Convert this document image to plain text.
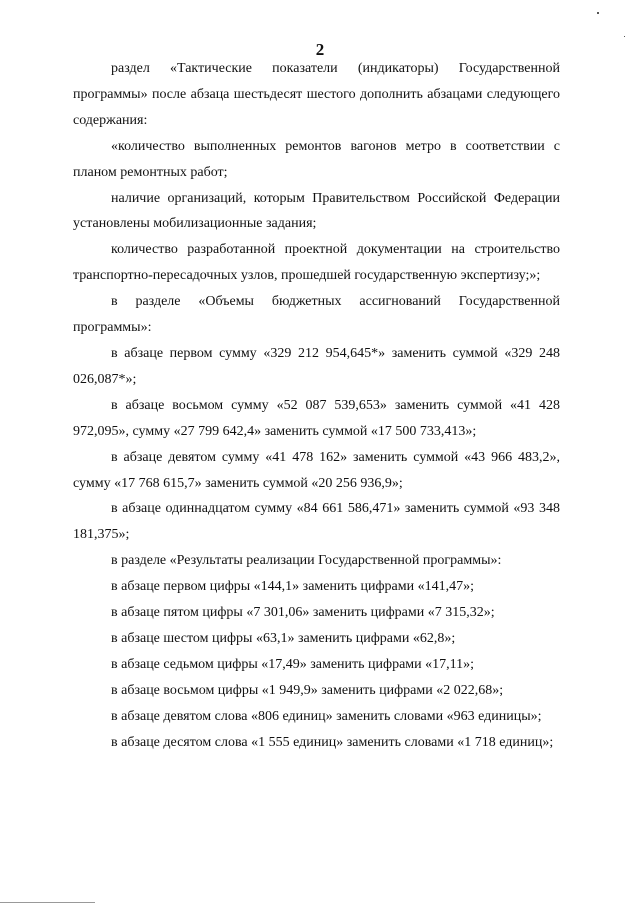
2

раздел «Тактические показатели (индикаторы) Государственной программы» после абзаца шестьдесят шестого дополнить абзацами следующего содержания:

«количество выполненных ремонтов вагонов метро в соответствии с планом ремонтных работ;

наличие организаций, которым Правительством Российской Федерации установлены мобилизационные задания;

количество разработанной проектной документации на строительство транспортно-пересадочных узлов, прошедшей государственную экспертизу;»;

в разделе «Объемы бюджетных ассигнований Государственной программы»:

в абзаце первом сумму «329 212 954,645*» заменить суммой «329 248 026,087*»;

в абзаце восьмом сумму «52 087 539,653» заменить суммой «41 428 972,095», сумму «27 799 642,4» заменить суммой «17 500 733,413»;

в абзаце девятом сумму «41 478 162» заменить суммой «43 966 483,2», сумму «17 768 615,7» заменить суммой «20 256 936,9»;

в абзаце одиннадцатом сумму «84 661 586,471» заменить суммой «93 348 181,375»;

в разделе «Результаты реализации Государственной программы»:

в абзаце первом цифры «144,1» заменить цифрами «141,47»;

в абзаце пятом цифры «7 301,06» заменить цифрами «7 315,32»;

в абзаце шестом цифры «63,1» заменить цифрами «62,8»;

в абзаце седьмом цифры «17,49» заменить цифрами «17,11»;

в абзаце восьмом цифры «1 949,9» заменить цифрами «2 022,68»;

в абзаце девятом слова «806 единиц» заменить словами «963 единицы»;

в абзаце десятом слова «1 555 единиц» заменить словами «1 718 единиц»;
